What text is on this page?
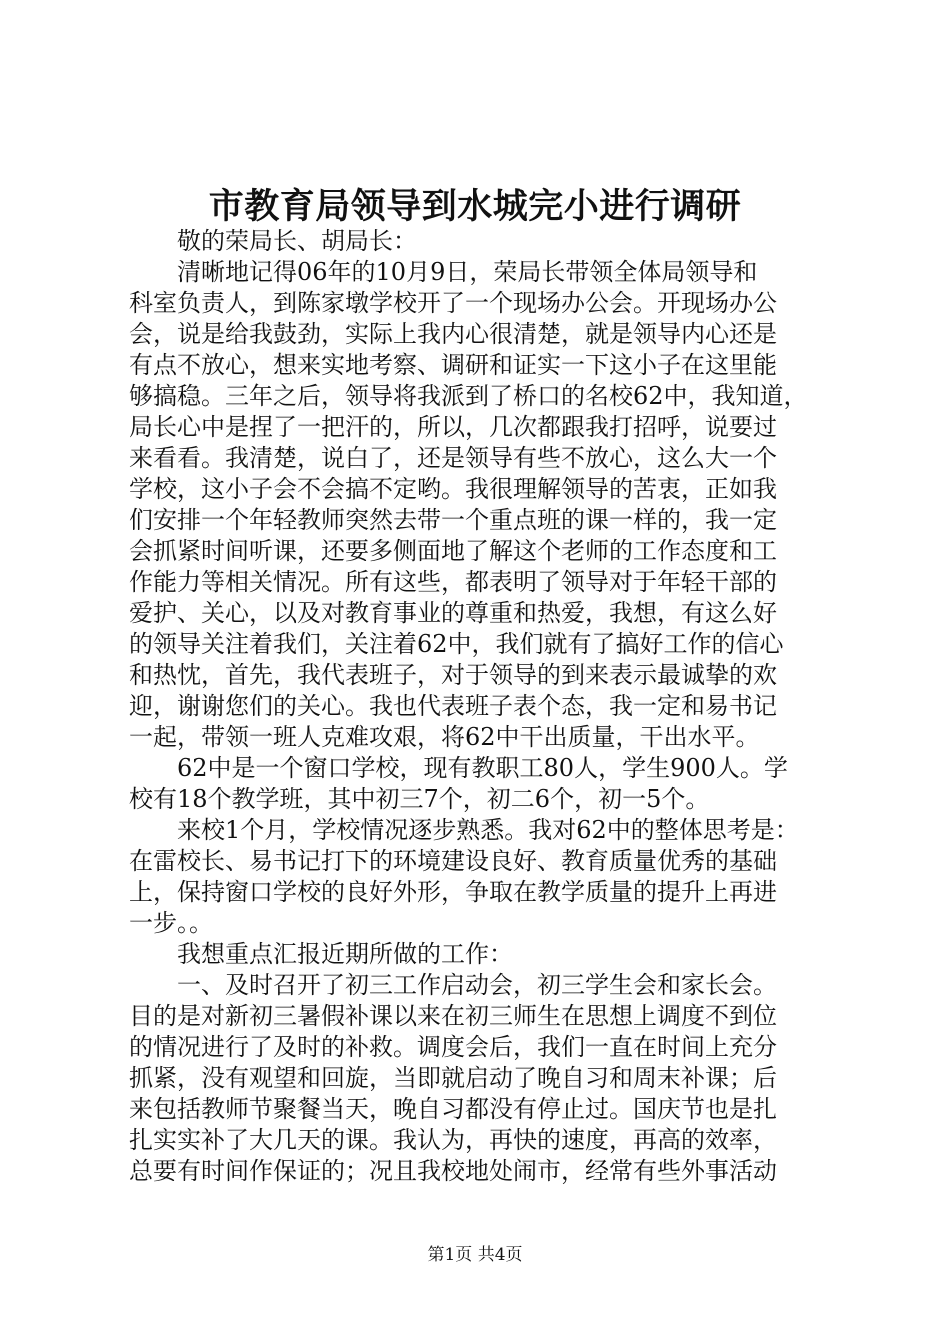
市教育局领导到水城完小进行调研
敬的荣局长、胡局长：
清晰地记得06年的10月9日，荣局长带领全体局领导和
科室负责人，到陈家墩学校开了一个现场办公会。开现场办公
会，说是给我鼓劲，实际上我内心很清楚，就是领导内心还是
有点不放心，想来实地考察、调研和证实一下这小子在这里能
够搞稳。三年之后，领导将我派到了桥口的名校62中，我知道，
局长心中是捏了一把汗的，所以，几次都跟我打招呼，说要过
来看看。我清楚，说白了，还是领导有些不放心，这么大一个
学校，这小子会不会搞不定哟。我很理解领导的苦衷，正如我
们安排一个年轻教师突然去带一个重点班的课一样的，我一定
会抓紧时间听课，还要多侧面地了解这个老师的工作态度和工
作能力等相关情况。所有这些，都表明了领导对于年轻干部的
爱护、关心，以及对教育事业的尊重和热爱，我想，有这么好
的领导关注着我们，关注着62中，我们就有了搞好工作的信心
和热忱，首先，我代表班子，对于领导的到来表示最诚挚的欢
迎，谢谢您们的关心。我也代表班子表个态，我一定和易书记
一起，带领一班人克难攻艰，将62中干出质量，干出水平。
62中是一个窗口学校，现有教职工80人，学生900人。学
校有18个教学班，其中初三7个，初二6个，初一5个。
来校1个月，学校情况逐步熟悉。我对62中的整体思考是：
在雷校长、易书记打下的环境建设良好、教育质量优秀的基础
上，保持窗口学校的良好外形，争取在教学质量的提升上再进
一步。。
我想重点汇报近期所做的工作：
一、及时召开了初三工作启动会，初三学生会和家长会。
目的是对新初三暑假补课以来在初三师生在思想上调度不到位
的情况进行了及时的补救。调度会后，我们一直在时间上充分
抓紧，没有观望和回旋，当即就启动了晚自习和周末补课；后
来包括教师节聚餐当天，晚自习都没有停止过。国庆节也是扎
扎实实补了大几天的课。我认为，再快的速度，再高的效率，
总要有时间作保证的；况且我校地处闹市，经常有些外事活动
第1页 共4页
